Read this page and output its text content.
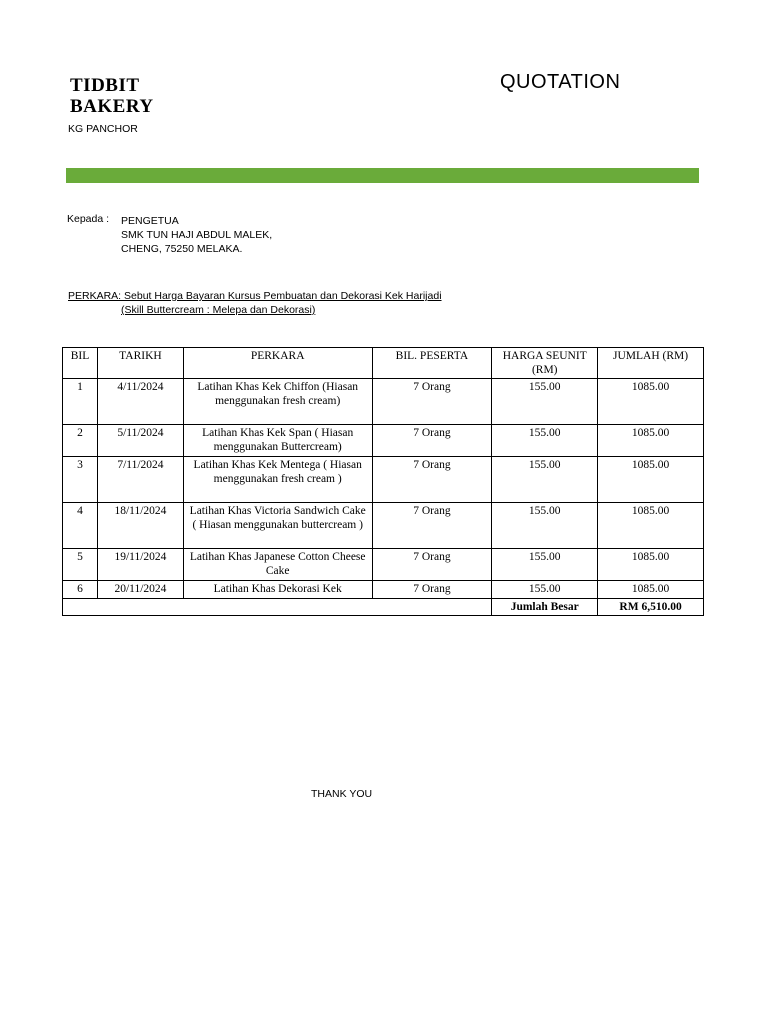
TIDBIT
BAKERY
KG PANCHOR
QUOTATION
Kepada : PENGETUA
SMK TUN HAJI ABDUL MALEK,
CHENG, 75250 MELAKA.
PERKARA: Sebut Harga Bayaran Kursus Pembuatan dan Dekorasi Kek Harijadi
(Skill Buttercream : Melepa dan Dekorasi)
BIL	TARIKH	PERKARA	BIL. PESERTA	HARGA SEUNIT (RM)	JUMLAH (RM)
1	4/11/2024	Latihan Khas Kek Chiffon (Hiasan menggunakan fresh cream)	7 Orang	155.00	1085.00
2	5/11/2024	Latihan Khas Kek Span ( Hiasan menggunakan Buttercream)	7 Orang	155.00	1085.00
3	7/11/2024	Latihan Khas Kek Mentega ( Hiasan menggunakan fresh cream )	7 Orang	155.00	1085.00
4	18/11/2024	Latihan Khas Victoria Sandwich Cake ( Hiasan menggunakan buttercream )	7 Orang	155.00	1085.00
5	19/11/2024	Latihan Khas Japanese Cotton Cheese Cake	7 Orang	155.00	1085.00
6	20/11/2024	Latihan Khas Dekorasi Kek	7 Orang	155.00	1085.00
				Jumlah Besar	RM 6,510.00
THANK YOU
